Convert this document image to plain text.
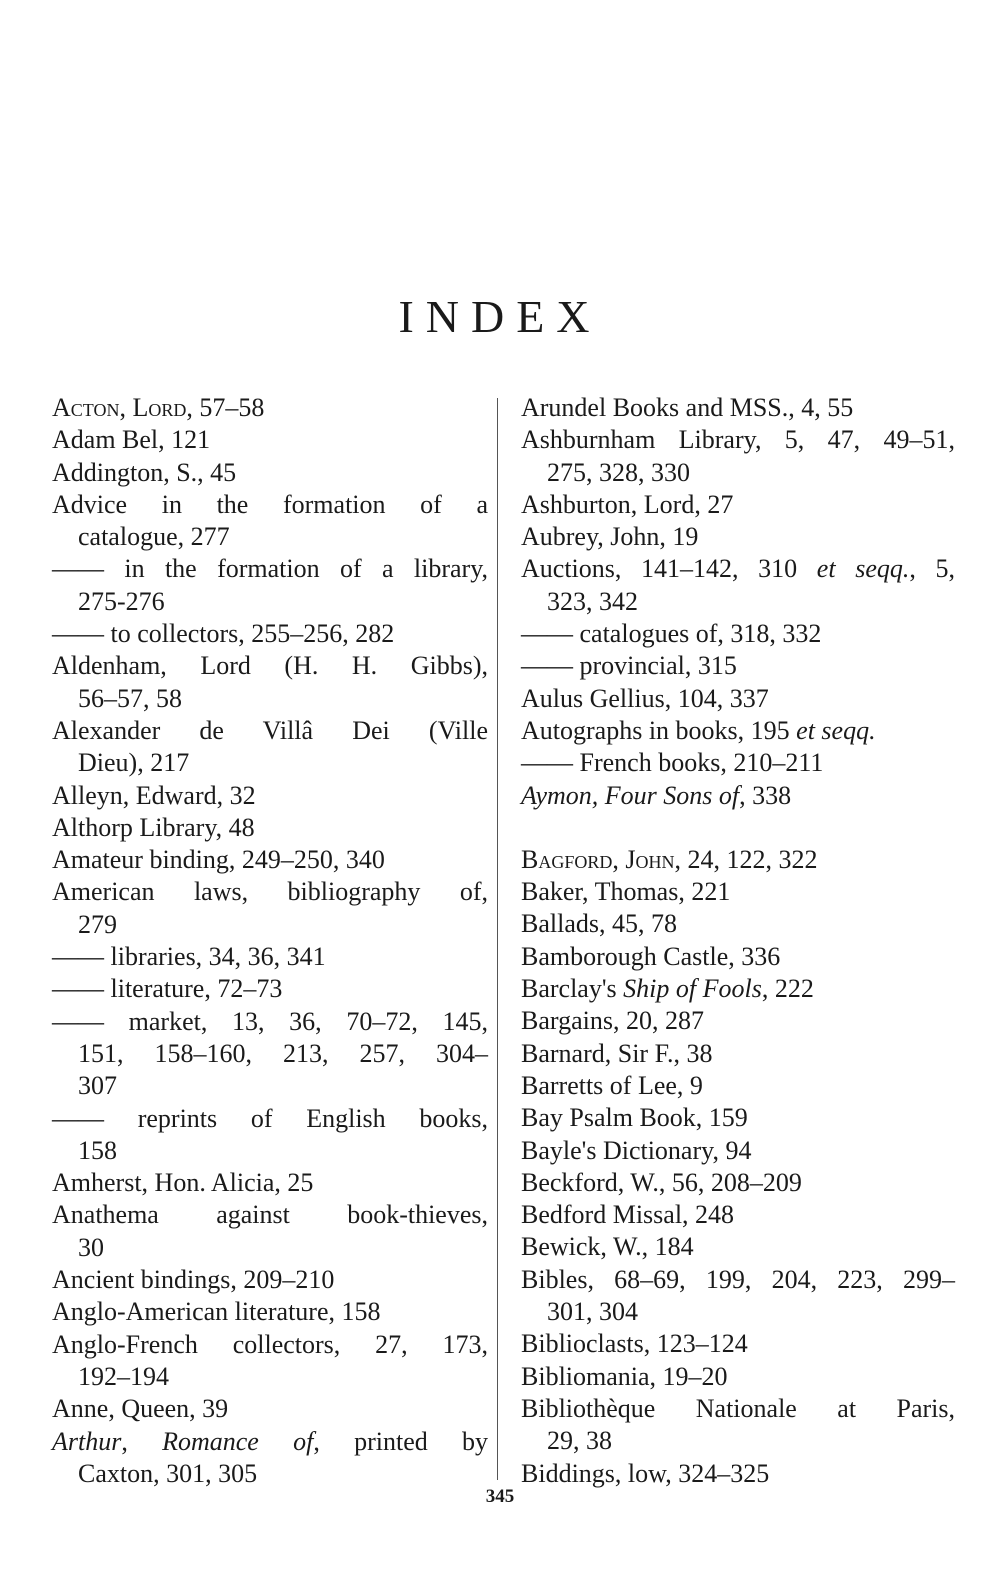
INDEX
Acton, Lord, 57–58
Adam Bel, 121
Addington, S., 45
Advice in the formation of a
catalogue, 277
—— in the formation of a library,
275-276
—— to collectors, 255–256, 282
Aldenham, Lord (H. H. Gibbs),
56–57, 58
Alexander de Villâ Dei (Ville
Dieu), 217
Alleyn, Edward, 32
Althorp Library, 48
Amateur binding, 249–250, 340
American laws, bibliography of,
279
—— libraries, 34, 36, 341
—— literature, 72–73
—— market, 13, 36, 70–72, 145,
151, 158–160, 213, 257, 304–
307
—— reprints of English books,
158
Amherst, Hon. Alicia, 25
Anathema against book-thieves,
30
Ancient bindings, 209–210
Anglo-American literature, 158
Anglo-French collectors, 27, 173,
192–194
Anne, Queen, 39
Arthur, Romance of, printed by
Caxton, 301, 305
Arundel Books and MSS., 4, 55
Ashburnham Library, 5, 47, 49–51,
275, 328, 330
Ashburton, Lord, 27
Aubrey, John, 19
Auctions, 141–142, 310 et seqq., 5,
323, 342
—— catalogues of, 318, 332
—— provincial, 315
Aulus Gellius, 104, 337
Autographs in books, 195 et seqq.
—— French books, 210–211
Aymon, Four Sons of, 338
Bagford, John, 24, 122, 322
Baker, Thomas, 221
Ballads, 45, 78
Bamborough Castle, 336
Barclay's Ship of Fools, 222
Bargains, 20, 287
Barnard, Sir F., 38
Barretts of Lee, 9
Bay Psalm Book, 159
Bayle's Dictionary, 94
Beckford, W., 56, 208–209
Bedford Missal, 248
Bewick, W., 184
Bibles, 68–69, 199, 204, 223, 299–
301, 304
Biblioclasts, 123–124
Bibliomania, 19–20
Bibliothèque Nationale at Paris,
29, 38
Biddings, low, 324–325
345
